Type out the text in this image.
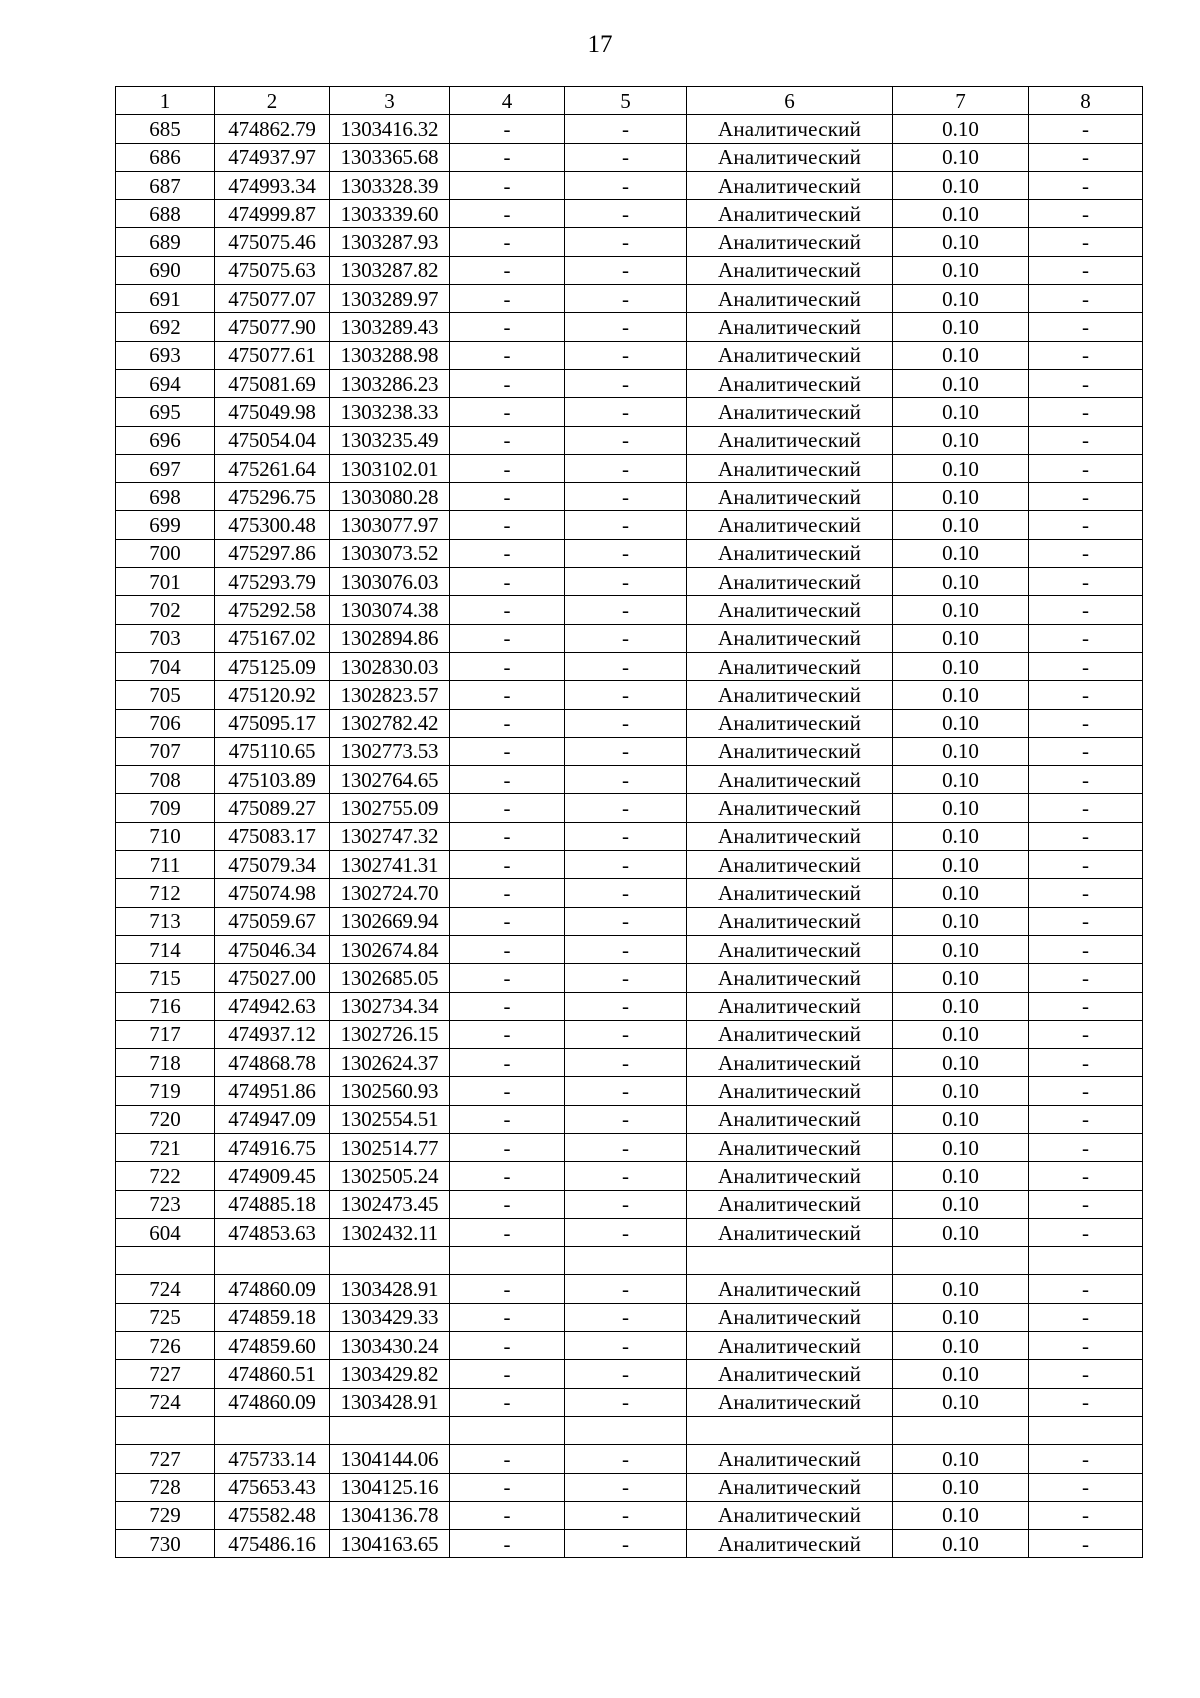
17
1	2	3	4	5	6	7	8
685	474862.79	1303416.32	-	-	Аналитический	0.10	-
686	474937.97	1303365.68	-	-	Аналитический	0.10	-
687	474993.34	1303328.39	-	-	Аналитический	0.10	-
688	474999.87	1303339.60	-	-	Аналитический	0.10	-
689	475075.46	1303287.93	-	-	Аналитический	0.10	-
690	475075.63	1303287.82	-	-	Аналитический	0.10	-
691	475077.07	1303289.97	-	-	Аналитический	0.10	-
692	475077.90	1303289.43	-	-	Аналитический	0.10	-
693	475077.61	1303288.98	-	-	Аналитический	0.10	-
694	475081.69	1303286.23	-	-	Аналитический	0.10	-
695	475049.98	1303238.33	-	-	Аналитический	0.10	-
696	475054.04	1303235.49	-	-	Аналитический	0.10	-
697	475261.64	1303102.01	-	-	Аналитический	0.10	-
698	475296.75	1303080.28	-	-	Аналитический	0.10	-
699	475300.48	1303077.97	-	-	Аналитический	0.10	-
700	475297.86	1303073.52	-	-	Аналитический	0.10	-
701	475293.79	1303076.03	-	-	Аналитический	0.10	-
702	475292.58	1303074.38	-	-	Аналитический	0.10	-
703	475167.02	1302894.86	-	-	Аналитический	0.10	-
704	475125.09	1302830.03	-	-	Аналитический	0.10	-
705	475120.92	1302823.57	-	-	Аналитический	0.10	-
706	475095.17	1302782.42	-	-	Аналитический	0.10	-
707	475110.65	1302773.53	-	-	Аналитический	0.10	-
708	475103.89	1302764.65	-	-	Аналитический	0.10	-
709	475089.27	1302755.09	-	-	Аналитический	0.10	-
710	475083.17	1302747.32	-	-	Аналитический	0.10	-
711	475079.34	1302741.31	-	-	Аналитический	0.10	-
712	475074.98	1302724.70	-	-	Аналитический	0.10	-
713	475059.67	1302669.94	-	-	Аналитический	0.10	-
714	475046.34	1302674.84	-	-	Аналитический	0.10	-
715	475027.00	1302685.05	-	-	Аналитический	0.10	-
716	474942.63	1302734.34	-	-	Аналитический	0.10	-
717	474937.12	1302726.15	-	-	Аналитический	0.10	-
718	474868.78	1302624.37	-	-	Аналитический	0.10	-
719	474951.86	1302560.93	-	-	Аналитический	0.10	-
720	474947.09	1302554.51	-	-	Аналитический	0.10	-
721	474916.75	1302514.77	-	-	Аналитический	0.10	-
722	474909.45	1302505.24	-	-	Аналитический	0.10	-
723	474885.18	1302473.45	-	-	Аналитический	0.10	-
604	474853.63	1302432.11	-	-	Аналитический	0.10	-

724	474860.09	1303428.91	-	-	Аналитический	0.10	-
725	474859.18	1303429.33	-	-	Аналитический	0.10	-
726	474859.60	1303430.24	-	-	Аналитический	0.10	-
727	474860.51	1303429.82	-	-	Аналитический	0.10	-
724	474860.09	1303428.91	-	-	Аналитический	0.10	-

727	475733.14	1304144.06	-	-	Аналитический	0.10	-
728	475653.43	1304125.16	-	-	Аналитический	0.10	-
729	475582.48	1304136.78	-	-	Аналитический	0.10	-
730	475486.16	1304163.65	-	-	Аналитический	0.10	-
